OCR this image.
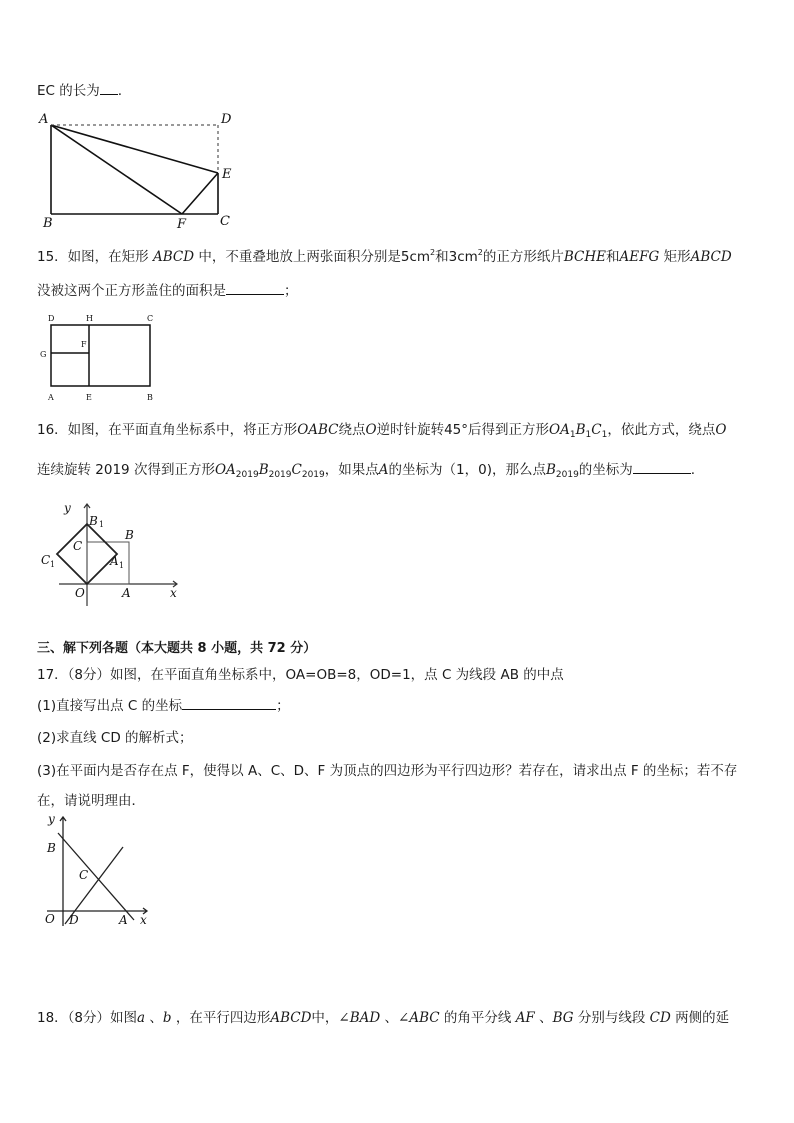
EC 的长为 .
A	D
E
B	F	C
15．如图，在矩形 ABCD 中，不重叠地放上两张面积分别是$5cm^2$和$3cm^2$的正方形纸片BCHE和AEFG 矩形ABCD
没被这两个正方形盖住的面积是	；
D	H	C
G
F
A	E	B
16．如图，在平面直角坐标系中，将正方形OABC绕点O逆时针旋转45°后得到正方形$OA_1B_1C_1$，依此方式，绕点O
连续旋转 2019 次得到正方形$OA_{2019}B_{2019}C_{2019}$，如果点A的坐标为（1，0)，那么点$B_{2019}$的坐标为	.
y
x
O	A
B
C
B 1
A 1
C 1
三、解下列各题（本大题共 8 小题，共 72 分）
17．（8分）如图，在平面直角坐标系中，OA=OB=8，OD=1，点 C 为线段 AB 的中点
(1)直接写出点 C 的坐标	；
(2)求直线 CD 的解析式；
(3)在平面内是否存在点 F，使得以 A、C、D、F 为顶点的四边形为平行四边形？若存在，请求出点 F 的坐标；若不存
在，请说明理由．
y
x
B
C
O D	A
18．（8分）如图a 、b ，在平行四边形ABCD中，∠BAD 、∠ABC 的角平分线 AF 、BG 分别与线段 CD 两侧的延
